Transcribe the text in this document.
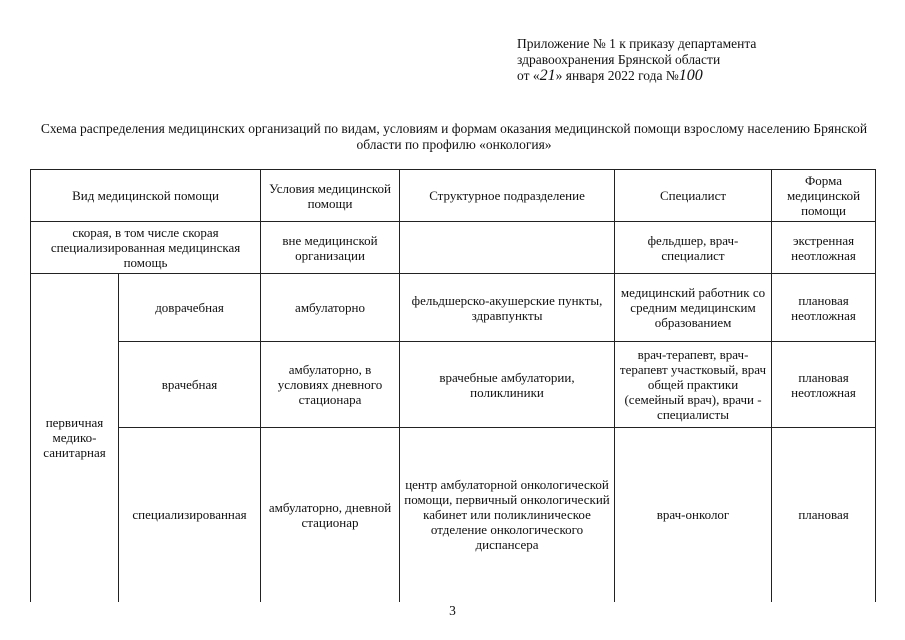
Приложение № 1 к приказу департамента
здравоохранения Брянской области
от «21» января 2022 года №100
Схема распределения медицинских организаций по видам, условиям и формам оказания медицинской помощи взрослому населению Брянской области по профилю «онкология»
Вид медицинской помощи		Условия медицинской помощи	Структурное подразделение	Специалист	Форма медицинской помощи
скорая, в том числе скорая специализированная медицинская помощь		вне медицинской организации		фельдшер, врач-специалист	экстренная неотложная
первичная медико-санитарная	доврачебная	амбулаторно	фельдшерско-акушерские пункты, здравпункты	медицинский работник со средним медицинским образованием	плановая неотложная
	врачебная	амбулаторно, в условиях дневного стационара	врачебные амбулатории, поликлиники	врач-терапевт, врач-терапевт участковый, врач общей практики (семейный врач), врачи - специалисты	плановая неотложная
	специализированная	амбулаторно, дневной стационар	центр амбулаторной онкологической помощи, первичный онкологический кабинет или поликлиническое отделение онкологического диспансера	врач-онколог	плановая
3
